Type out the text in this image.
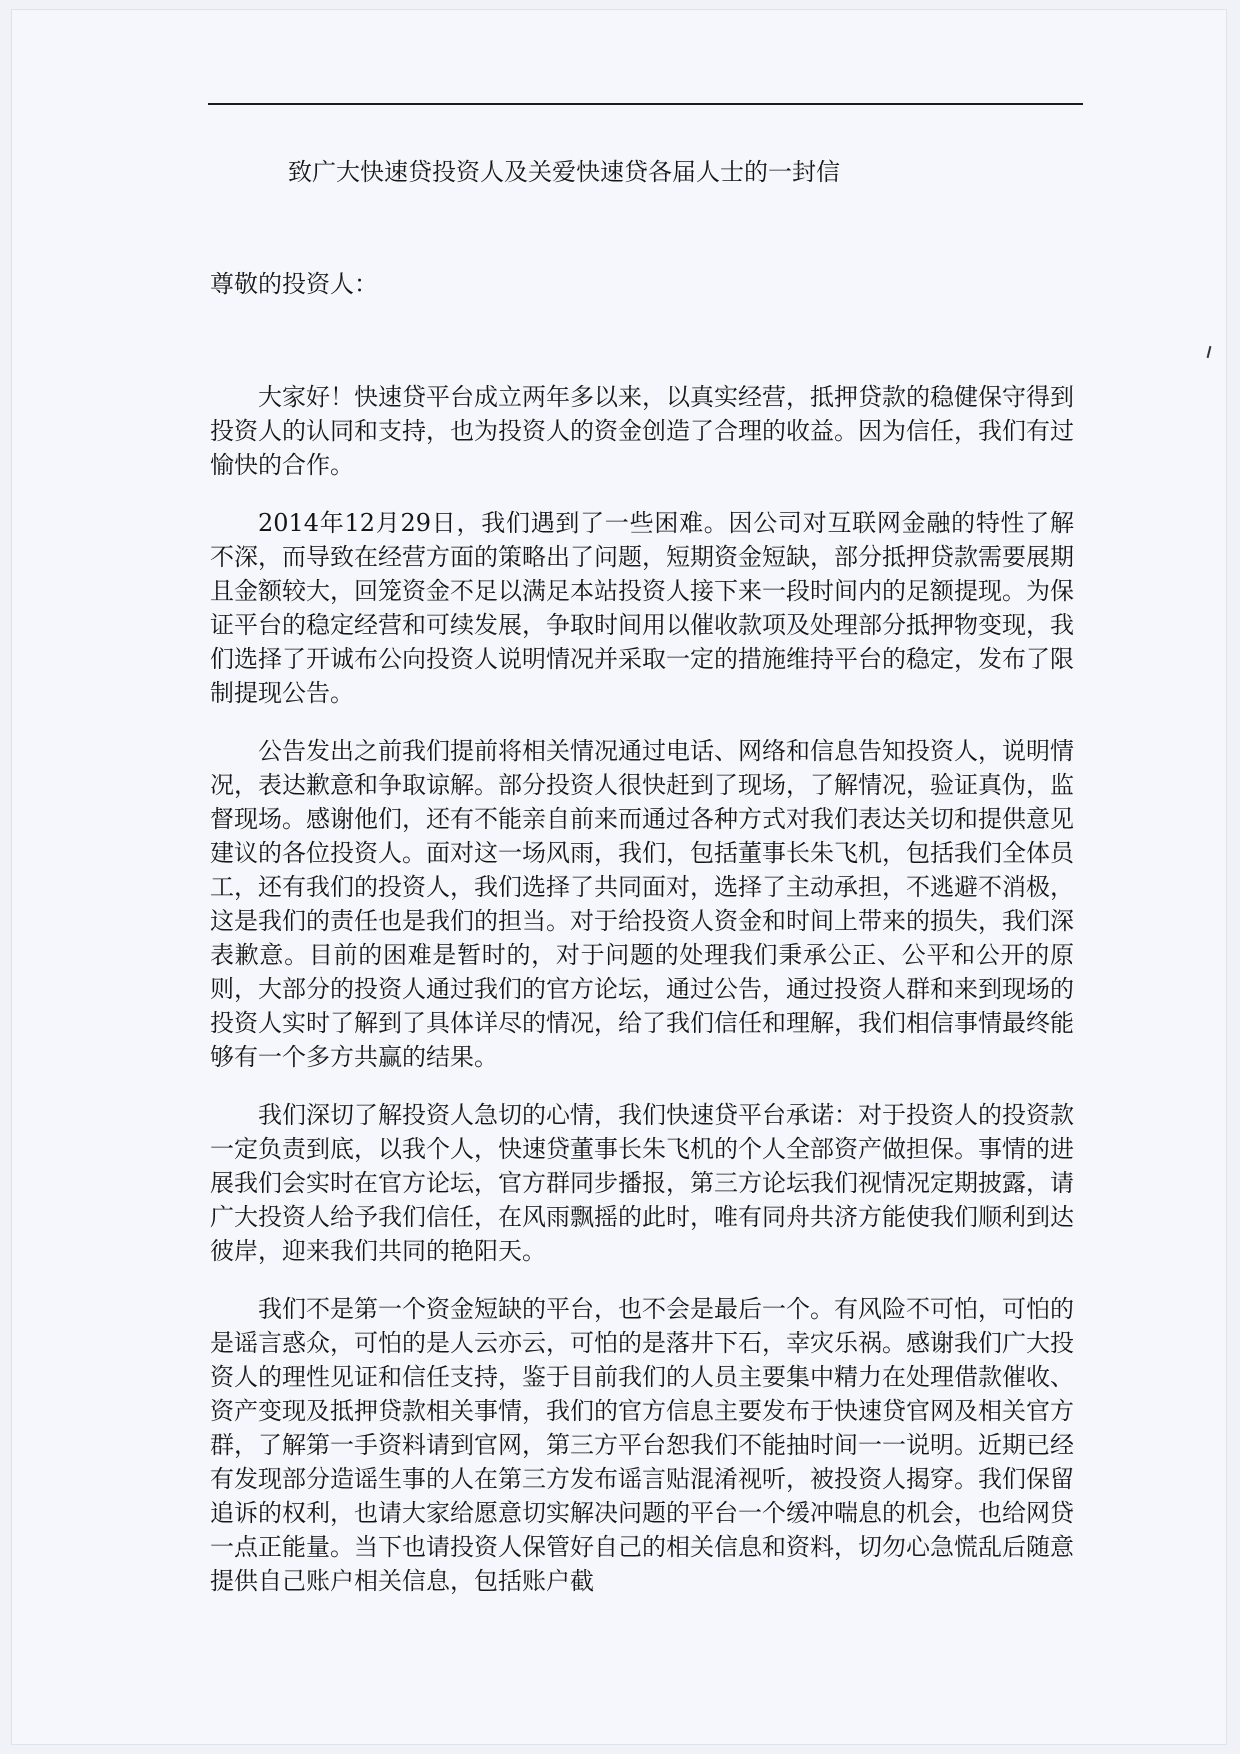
致广大快速贷投资人及关爱快速贷各届人士的一封信
尊敬的投资人：

大家好！快速贷平台成立两年多以来，以真实经营，抵押贷款的稳健保守得到投资人的认同和支持，也为投资人的资金创造了合理的收益。因为信任，我们有过愉快的合作。

2014年12月29日，我们遇到了一些困难。因公司对互联网金融的特性了解不深，而导致在经营方面的策略出了问题，短期资金短缺，部分抵押贷款需要展期且金额较大，回笼资金不足以满足本站投资人接下来一段时间内的足额提现。为保证平台的稳定经营和可续发展，争取时间用以催收款项及处理部分抵押物变现，我们选择了开诚布公向投资人说明情况并采取一定的措施维持平台的稳定，发布了限制提现公告。

公告发出之前我们提前将相关情况通过电话、网络和信息告知投资人，说明情况，表达歉意和争取谅解。部分投资人很快赶到了现场，了解情况，验证真伪，监督现场。感谢他们，还有不能亲自前来而通过各种方式对我们表达关切和提供意见建议的各位投资人。面对这一场风雨，我们，包括董事长朱飞机，包括我们全体员工，还有我们的投资人，我们选择了共同面对，选择了主动承担，不逃避不消极，这是我们的责任也是我们的担当。对于给投资人资金和时间上带来的损失，我们深表歉意。目前的困难是暂时的，对于问题的处理我们秉承公正、公平和公开的原则，大部分的投资人通过我们的官方论坛，通过公告，通过投资人群和来到现场的投资人实时了解到了具体详尽的情况，给了我们信任和理解，我们相信事情最终能够有一个多方共赢的结果。

我们深切了解投资人急切的心情，我们快速贷平台承诺：对于投资人的投资款一定负责到底，以我个人，快速贷董事长朱飞机的个人全部资产做担保。事情的进展我们会实时在官方论坛，官方群同步播报，第三方论坛我们视情况定期披露，请广大投资人给予我们信任，在风雨飘摇的此时，唯有同舟共济方能使我们顺利到达彼岸，迎来我们共同的艳阳天。

我们不是第一个资金短缺的平台，也不会是最后一个。有风险不可怕，可怕的是谣言惑众，可怕的是人云亦云，可怕的是落井下石，幸灾乐祸。感谢我们广大投资人的理性见证和信任支持，鉴于目前我们的人员主要集中精力在处理借款催收、资产变现及抵押贷款相关事情，我们的官方信息主要发布于快速贷官网及相关官方群，了解第一手资料请到官网，第三方平台恕我们不能抽时间一一说明。近期已经有发现部分造谣生事的人在第三方发布谣言贴混淆视听，被投资人揭穿。我们保留追诉的权利，也请大家给愿意切实解决问题的平台一个缓冲喘息的机会，也给网贷一点正能量。当下也请投资人保管好自己的相关信息和资料，切勿心急慌乱后随意提供自己账户相关信息，包括账户截
